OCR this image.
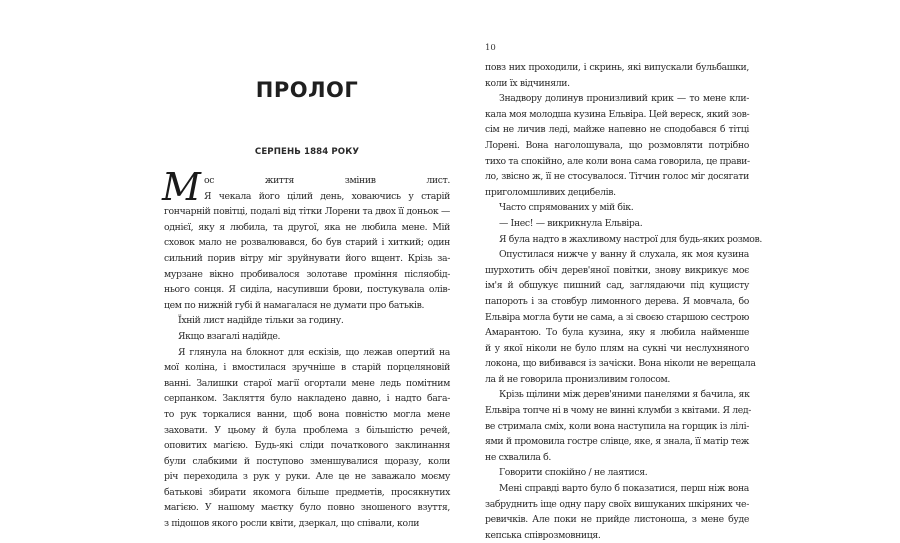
ПРОЛОГ
СЕРПЕНЬ 1884 РОКУ
М ос життя змінив лист.
Я чекала його цілий день, ховаючись у старій
гончарній повітці, подалі від тітки Лорени та двох її доньок —
однієї, яку я любила, та другої, яка не любила мене. Мій
сховок мало не розвалювався, бо був старий і хиткий; один
сильний порив вітру міг зруйнувати його вщент. Крізь за-
мурзане вікно пробивалося золотаве проміння післяобід-
нього сонця. Я сиділа, насупивши брови, постукувала олів-
цем по нижній губі й намагалася не думати про батьків.

Їхній лист надійде тільки за годину.

Якщо взагалі надійде.

Я глянула на блокнот для ескізів, що лежав опертий на
мої коліна, і вмостилася зручніше в старій порцеляновій
ванні. Залишки старої магії огортали мене ледь помітним
серпанком. Закляття було накладено давно, і надто бага-
то рук торкалися ванни, щоб вона повністю могла мене
заховати. У цьому й була проблема з більшістю речей,
оповитих магією. Будь-які сліди початкового заклинання
були слабкими й поступово зменшувалися щоразу, коли
річ переходила з рук у руки. Але це не заважало моєму
батькові збирати якомога більше предметів, просякнутих
магією. У нашому маєтку було повно зношеного взуття,
з підошов якого росли квіти, дзеркал, що співали, коли

10

повз них проходили, і скринь, які випускали бульбашки,
коли їх відчиняли.

Знадвору долинув пронизливий крик — то мене кли-
кала моя молодша кузина Ельвіра. Цей вереск, який зов-
сім не личив леді, майже напевно не сподобався б тітці
Лорені. Вона наголошувала, що розмовляти потрібно
тихо та спокійно, але коли вона сама говорила, це прави-
ло, звісно ж, її не стосувалося. Тітчин голос міг досягати
приголомшливих децибелів.

Часто спрямованих у мій бік.

— Інес! — викрикнула Ельвіра.

Я була надто в жахливому настрої для будь-яких розмов.

Опустилася нижче у ванну й слухала, як моя кузина
шурхотить обіч дерев'яної повітки, знову викрикує моє
ім'я й обшукує пишний сад, заглядаючи під кущисту
папороть і за стовбур лимонного дерева. Я мовчала, бо
Ельвіра могла бути не сама, а зі своєю старшою сестрою
Амарантою. То була кузина, яку я любила найменше
й у якої ніколи не було плям на сукні чи неслухняного
локона, що вибивався із зачіски. Вона ніколи не верещала
ла й не говорила пронизливим голосом.

Крізь щілини між дерев'яними панелями я бачила, як
Ельвіра топче ні в чому не винні клумби з квітами. Я лед-
ве стримала сміх, коли вона наступила на горщик із лілі-
ями й промовила гостре слівце, яке, я знала, її матір теж
не схвалила б.

Говорити спокійно / не лаятися.

Мені справді варто було б показатися, перш ніж вона
забруднить іще одну пару своїх вишуканих шкіряних че-
ревичків. Але поки не прийде листоноша, з мене буде
кепська співрозмовниця.
